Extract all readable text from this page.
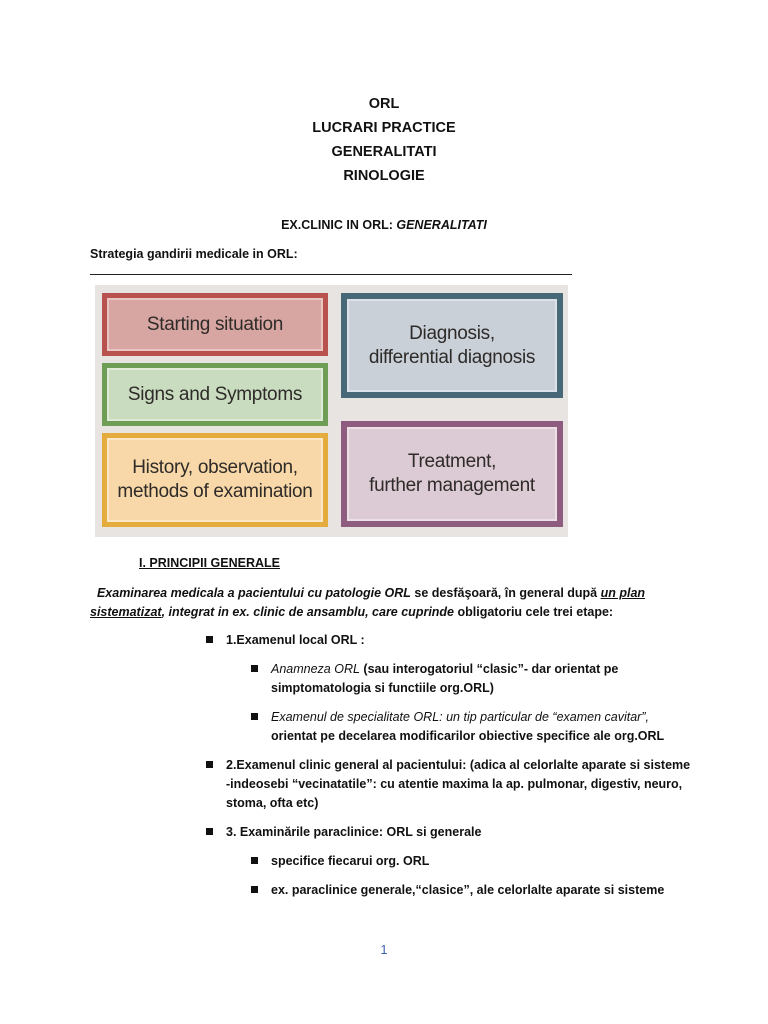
ORL
LUCRARI PRACTICE
GENERALITATI
RINOLOGIE
EX.CLINIC IN ORL: GENERALITATI
Strategia gandirii medicale in ORL:
Starting situation
Signs and Symptoms
History, observation,
methods of examination
Diagnosis,
differential diagnosis
Treatment,
further management
I. PRINCIPII GENERALE
Examinarea medicala a pacientului cu patologie ORL se desfăşoară, în general după un plan
sistematizat, integrat in ex. clinic de ansamblu, care cuprinde obligatoriu cele trei etape:
1.Examenul local ORL :
Anamneza ORL (sau interogatoriul “clasic”- dar orientat pe
simptomatologia si functiile org.ORL)
Examenul de specialitate ORL: un tip particular de “examen cavitar”,
orientat pe decelarea modificarilor obiective specifice ale org.ORL
2.Examenul clinic general al pacientului: (adica al celorlalte aparate si sisteme
-indeosebi “vecinatatile”: cu atentie maxima la ap. pulmonar, digestiv, neuro,
stoma, ofta etc)
3. Examinările paraclinice: ORL si generale
specifice fiecarui org. ORL
ex. paraclinice generale,“clasice”, ale celorlalte aparate si sisteme
1
